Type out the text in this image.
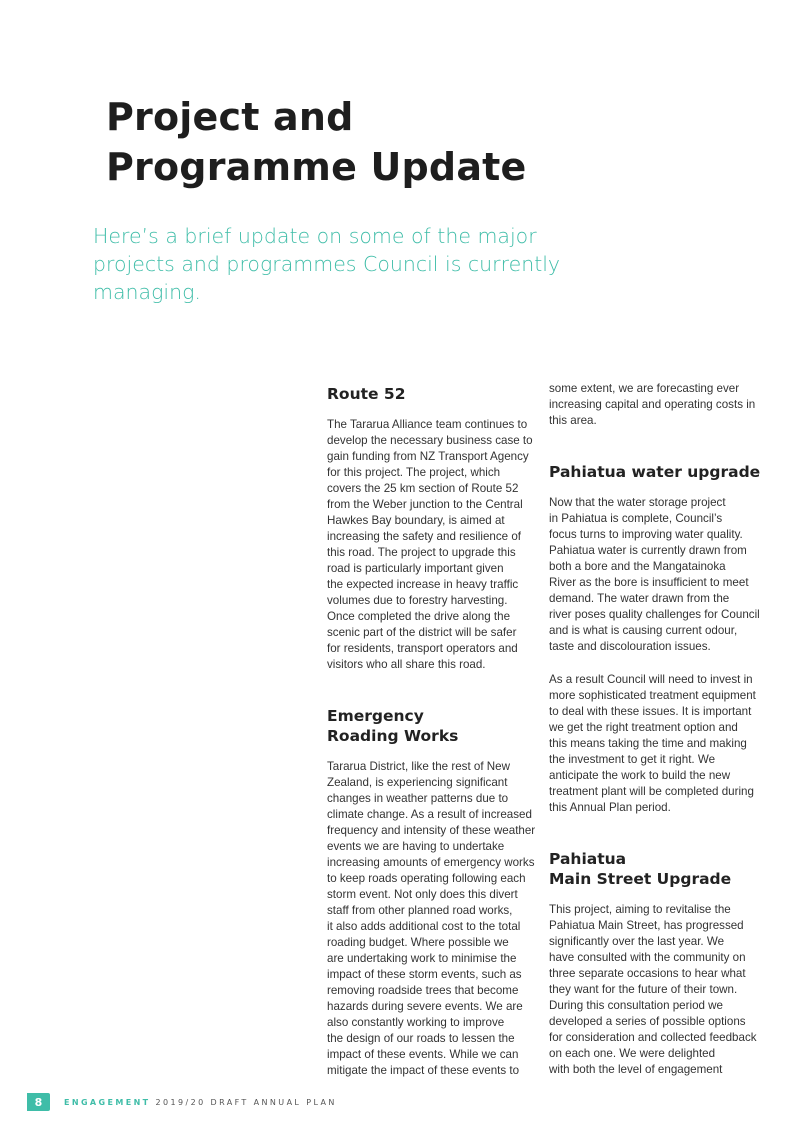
Project and
Programme Update
Here’s a brief update on some of the major
projects and programmes Council is currently
managing.
Route 52

The Tararua Alliance team continues to
develop the necessary business case to
gain funding from NZ Transport Agency
for this project. The project, which
covers the 25 km section of Route 52
from the Weber junction to the Central
Hawkes Bay boundary, is aimed at
increasing the safety and resilience of
this road. The project to upgrade this
road is particularly important given
the expected increase in heavy traffic
volumes due to forestry harvesting.
Once completed the drive along the
scenic part of the district will be safer
for residents, transport operators and
visitors who all share this road.

Emergency
Roading Works

Tararua District, like the rest of New
Zealand, is experiencing significant
changes in weather patterns due to
climate change. As a result of increased
frequency and intensity of these weather
events we are having to undertake
increasing amounts of emergency works
to keep roads operating following each
storm event. Not only does this divert
staff from other planned road works,
it also adds additional cost to the total
roading budget. Where possible we
are undertaking work to minimise the
impact of these storm events, such as
removing roadside trees that become
hazards during severe events. We are
also constantly working to improve
the design of our roads to lessen the
impact of these events. While we can
mitigate the impact of these events to

some extent, we are forecasting ever
increasing capital and operating costs in
this area.

Pahiatua water upgrade

Now that the water storage project
in Pahiatua is complete, Council’s
focus turns to improving water quality.
Pahiatua water is currently drawn from
both a bore and the Mangatainoka
River as the bore is insufficient to meet
demand. The water drawn from the
river poses quality challenges for Council
and is what is causing current odour,
taste and discolouration issues.

As a result Council will need to invest in
more sophisticated treatment equipment
to deal with these issues. It is important
we get the right treatment option and
this means taking the time and making
the investment to get it right. We
anticipate the work to build the new
treatment plant will be completed during
this Annual Plan period.

Pahiatua
Main Street Upgrade

This project, aiming to revitalise the
Pahiatua Main Street, has progressed
significantly over the last year. We
have consulted with the community on
three separate occasions to hear what
they want for the future of their town.
During this consultation period we
developed a series of possible options
for consideration and collected feedback
on each one. We were delighted
with both the level of engagement

8	ENGAGEMENT 2019/20 DRAFT ANNUAL PLAN
